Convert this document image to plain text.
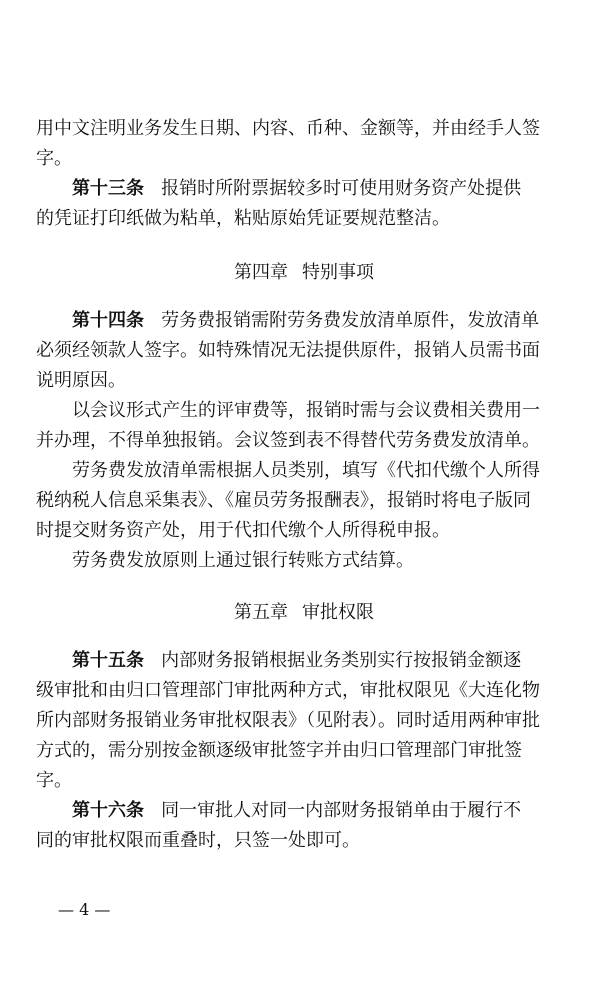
用中文注明业务发生日期、内容、币种、金额等，并由经手人签
字。
第十三条 报销时所附票据较多时可使用财务资产处提供
的凭证打印纸做为粘单，粘贴原始凭证要规范整洁。
第四章 特别事项
第十四条 劳务费报销需附劳务费发放清单原件，发放清单
必须经领款人签字。如特殊情况无法提供原件，报销人员需书面
说明原因。
以会议形式产生的评审费等，报销时需与会议费相关费用一
并办理，不得单独报销。会议签到表不得替代劳务费发放清单。
劳务费发放清单需根据人员类别，填写《代扣代缴个人所得
税纳税人信息采集表》、《雇员劳务报酬表》，报销时将电子版同
时提交财务资产处，用于代扣代缴个人所得税申报。
劳务费发放原则上通过银行转账方式结算。
第五章 审批权限
第十五条 内部财务报销根据业务类别实行按报销金额逐
级审批和由归口管理部门审批两种方式，审批权限见《大连化物
所内部财务报销业务审批权限表》（见附表）。同时适用两种审批
方式的，需分别按金额逐级审批签字并由归口管理部门审批签
字。
第十六条 同一审批人对同一内部财务报销单由于履行不
同的审批权限而重叠时，只签一处即可。
— 4 —
